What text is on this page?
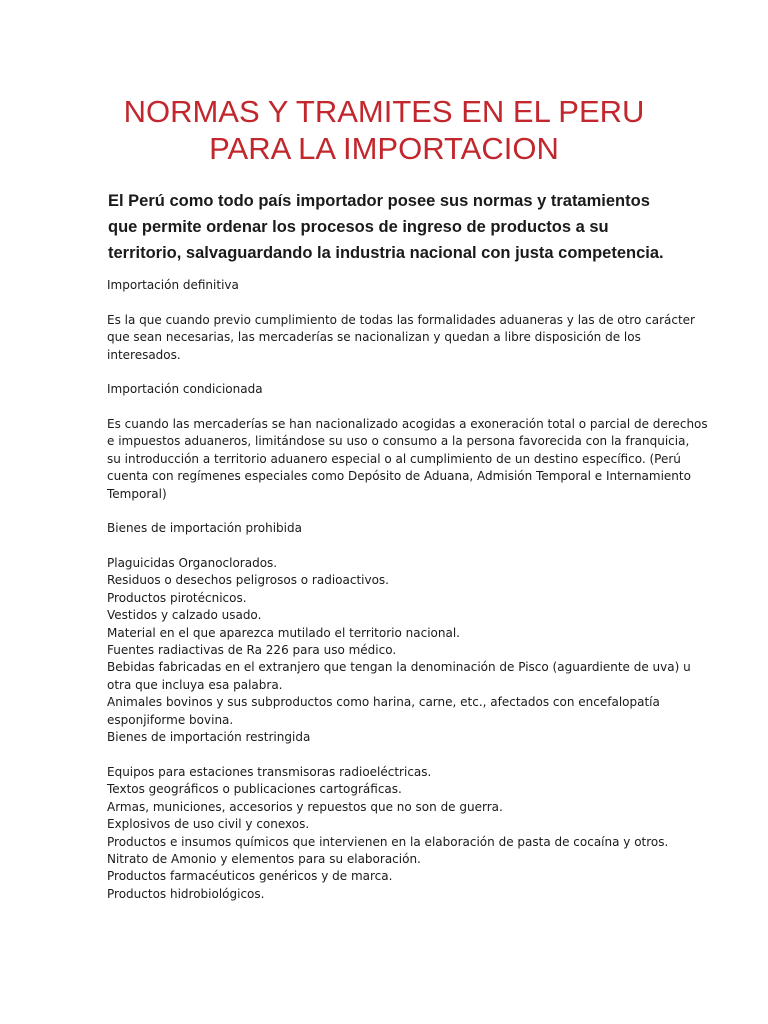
NORMAS Y TRAMITES EN EL PERU
PARA LA IMPORTACION

El Perú como todo país importador posee sus normas y tratamientos
que permite ordenar los procesos de ingreso de productos a su
territorio, salvaguardando la industria nacional con justa competencia.

Importación definitiva

Es la que cuando previo cumplimiento de todas las formalidades aduaneras y las de otro carácter
que sean necesarias, las mercaderías se nacionalizan y quedan a libre disposición de los
interesados.

Importación condicionada

Es cuando las mercaderías se han nacionalizado acogidas a exoneración total o parcial de derechos
e impuestos aduaneros, limitándose su uso o consumo a la persona favorecida con la franquicia,
su introducción a territorio aduanero especial o al cumplimiento de un destino específico. (Perú
cuenta con regímenes especiales como Depósito de Aduana, Admisión Temporal e Internamiento
Temporal)

Bienes de importación prohibida

Plaguicidas Organoclorados.
Residuos o desechos peligrosos o radioactivos.
Productos pirotécnicos.
Vestidos y calzado usado.
Material en el que aparezca mutilado el territorio nacional.
Fuentes radiactivas de Ra 226 para uso médico.
Bebidas fabricadas en el extranjero que tengan la denominación de Pisco (aguardiente de uva) u
otra que incluya esa palabra.
Animales bovinos y sus subproductos como harina, carne, etc., afectados con encefalopatía
esponjiforme bovina.
Bienes de importación restringida

Equipos para estaciones transmisoras radioeléctricas.
Textos geográficos o publicaciones cartográficas.
Armas, municiones, accesorios y repuestos que no son de guerra.
Explosivos de uso civil y conexos.
Productos e insumos químicos que intervienen en la elaboración de pasta de cocaína y otros.
Nitrato de Amonio y elementos para su elaboración.
Productos farmacéuticos genéricos y de marca.
Productos hidrobiológicos.
